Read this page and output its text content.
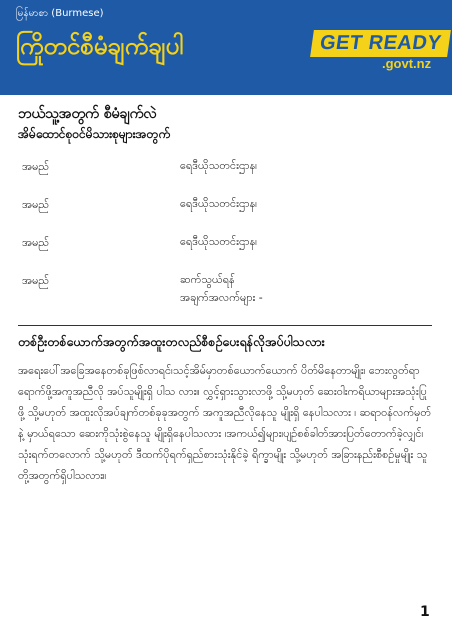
မြန်မာစာ (Burmese)
ကြိုတင်စီမံချက်ချပါ	GET READY
.govt.nz
ဘယ်သူ့အတွက် စီမံချက်လဲ
အိမ်ထောင်စုဝင်မိသားစုများအတွက်
အမည်	ရေဒီယိုသတင်းဌာန၊
အမည်	ရေဒီယိုသတင်းဌာန၊
အမည်	ရေဒီယိုသတင်းဌာန၊
အမည်	ဆက်သွယ်ရန် အချက်အလက်များ -
တစ်ဦးတစ်ယောက်အတွက်အထူးတလည်စီစဉ်ပေးရန်လိုအပ်ပါသလား
အရေးပေါ်အခြေအနေတစ်ခုဖြစ်လာရင်၊သင့်အိမ်မှာတစ်ယောက်ယောက် ပိတ်မိနေတာမျိုး၊ ဘေးလွတ်ရာ ရောက်ဖို့အကူအညီလို အပ်သူမျိုးရှိ ပါသ လား။ လွှင့်ရှားသွားလာဖို့ သို့မဟုတ် ဆေးဝါးကရိယာများအသုံးပြုဖို့ သို့မဟုတ် အထူးလိုအပ်ချက်တစ်ခုခုအတွက် အကူအညီလိုနေသူ မျိုးရှိ နေပါသလား ၊ ဆရာဝန်လက်မှတ်နဲ့ မှာယ်ရသော ဆေးကိုသုံးစွဲနေသူ မျိုးရှိနေပါသလား ၊အကယ်၍များ၊ပျဉ်စစ်ခါတ်အားပြတ်တောက်ခဲ့လျှင်၊ သုံးရက်တလောက် သို့မဟုတ် ဒီထက်ပိုရက်ရှည်စားသုံးနိုင်ခဲ့ ရိက္ခာမျိုး သို့မဟုတ် အခြားနည်းစီစဉ်မှုမျိုး သူတို့အတွက်ရှိပါသလား။
1
